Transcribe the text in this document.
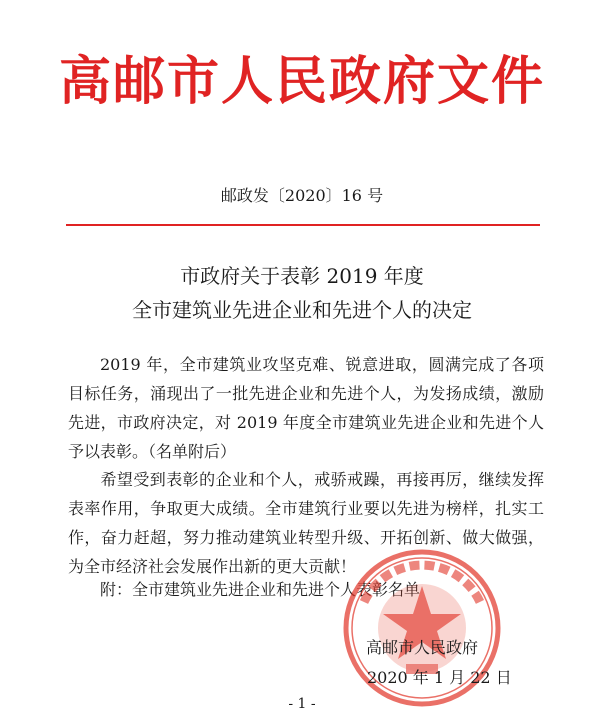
高邮市人民政府文件
邮政发〔2020〕16 号
市政府关于表彰 2019 年度
全市建筑业先进企业和先进个人的决定
2019 年，全市建筑业攻坚克难、锐意进取，圆满完成了各项目标任务，涌现出了一批先进企业和先进个人，为发扬成绩，激励先进，市政府决定，对 2019 年度全市建筑业先进企业和先进个人予以表彰。（名单附后）
希望受到表彰的企业和个人，戒骄戒躁，再接再厉，继续发挥表率作用，争取更大成绩。全市建筑行业要以先进为榜样，扎实工作，奋力赶超，努力推动建筑业转型升级、开拓创新、做大做强，为全市经济社会发展作出新的更大贡献！
附：全市建筑业先进企业和先进个人表彰名单
高邮市人民政府
2020 年 1 月 22 日
- 1 -
